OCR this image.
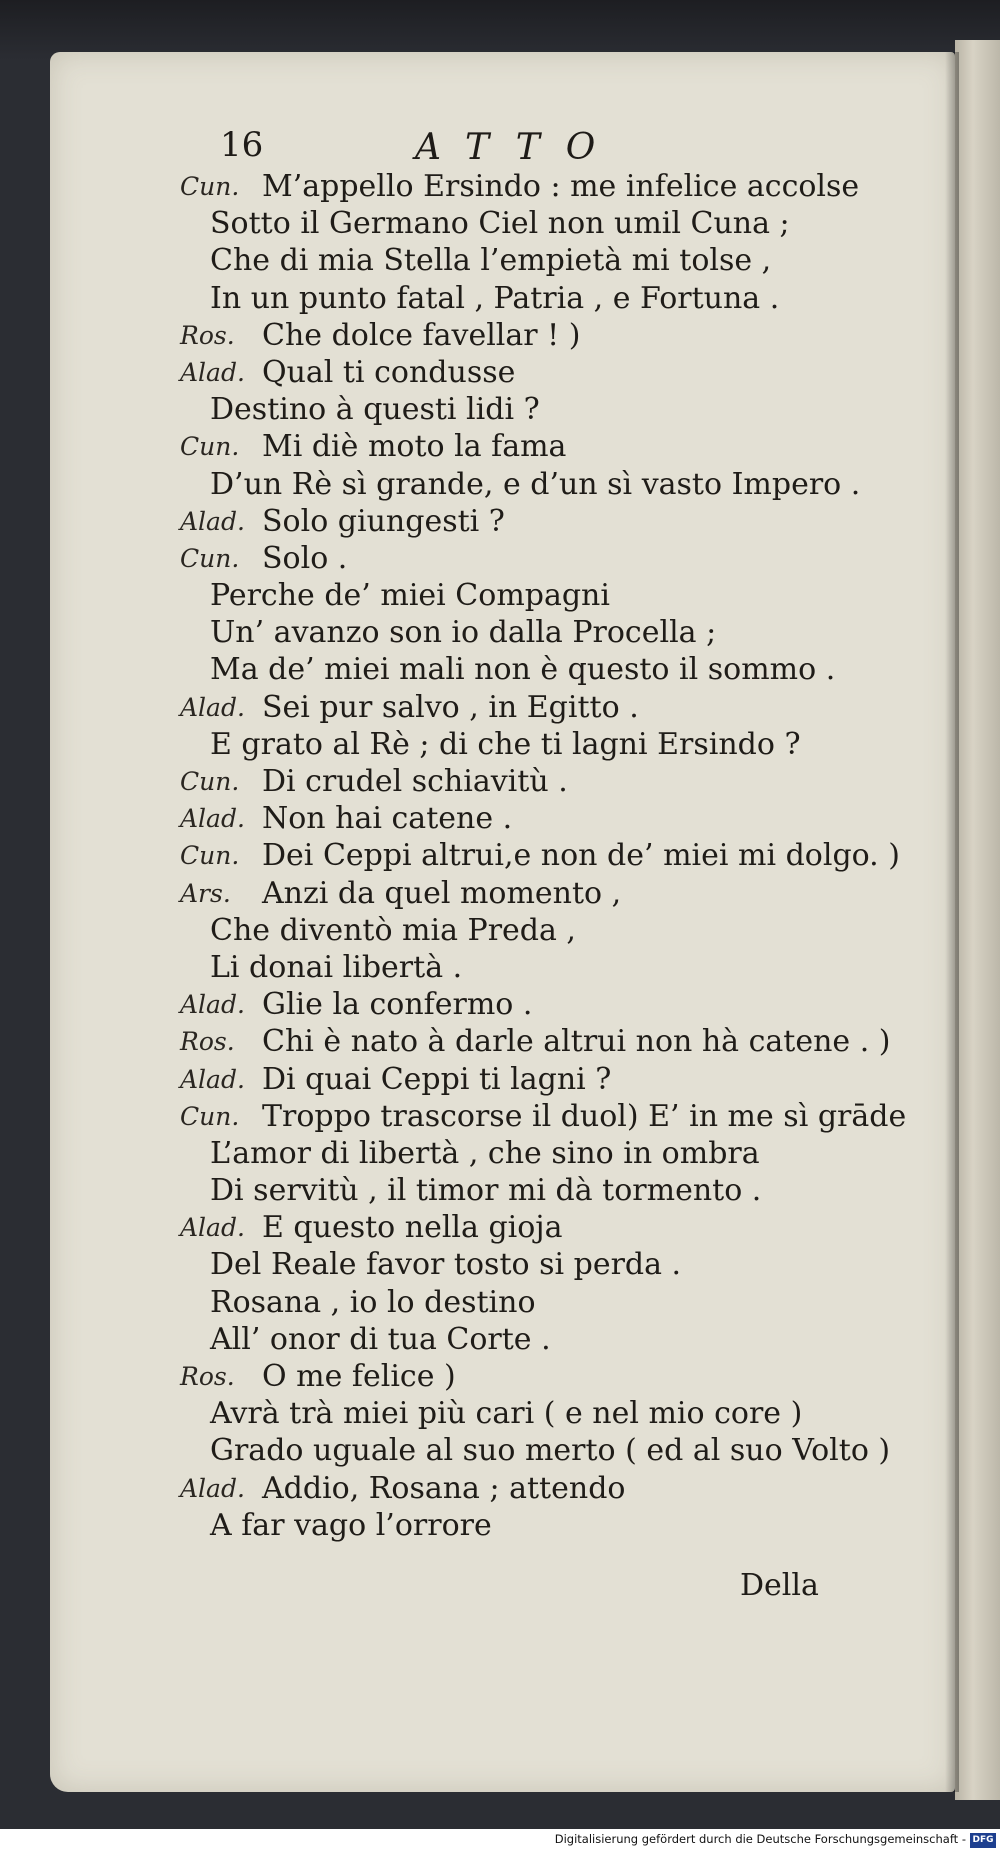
16	ATTO
Cun. M’appello Ersindo : me infelice accolse
Sotto il Germano Ciel non umil Cuna ;
Che di mia Stella l’empietà mi tolse ,
In un punto fatal , Patria , e Fortuna .
Ros. Che dolce favellar ! )
Alad. Qual ti condusse
Destino à questi lidi ?
Cun. Mi diè moto la fama
D’un Rè sì grande, e d’un sì vasto Impero .
Alad. Solo giungesti ?
Cun. Solo .
Perche de’ miei Compagni
Un’ avanzo son io dalla Procella ;
Ma de’ miei mali non è questo il sommo .
Alad. Sei pur salvo , in Egitto .
E grato al Rè ; di che ti lagni Ersindo ?
Cun. Di crudel schiavitù .
Alad. Non hai catene .
Cun. Dei Ceppi altrui,e non de’ miei mi dolgo. )
Ars. Anzi da quel momento ,
Che diventò mia Preda ,
Li donai libertà .
Alad. Glie la confermo .
Ros. Chi è nato à darle altrui non hà catene . )
Alad. Di quai Ceppi ti lagni ?
Cun. Troppo trascorse il duol) E’ in me sì grāde
L’amor di libertà , che sino in ombra
Di servitù , il timor mi dà tormento .
Alad. E questo nella gioja
Del Reale favor tosto si perda .
Rosana , io lo destino
All’ onor di tua Corte .
Ros. O me felice )
Avrà trà miei più cari ( e nel mio core )
Grado uguale al suo merto ( ed al suo Volto )
Alad. Addio, Rosana ; attendo
A far vago l’orrore
Della
Digitalisierung gefördert durch die Deutsche Forschungsgemeinschaft - DFG
